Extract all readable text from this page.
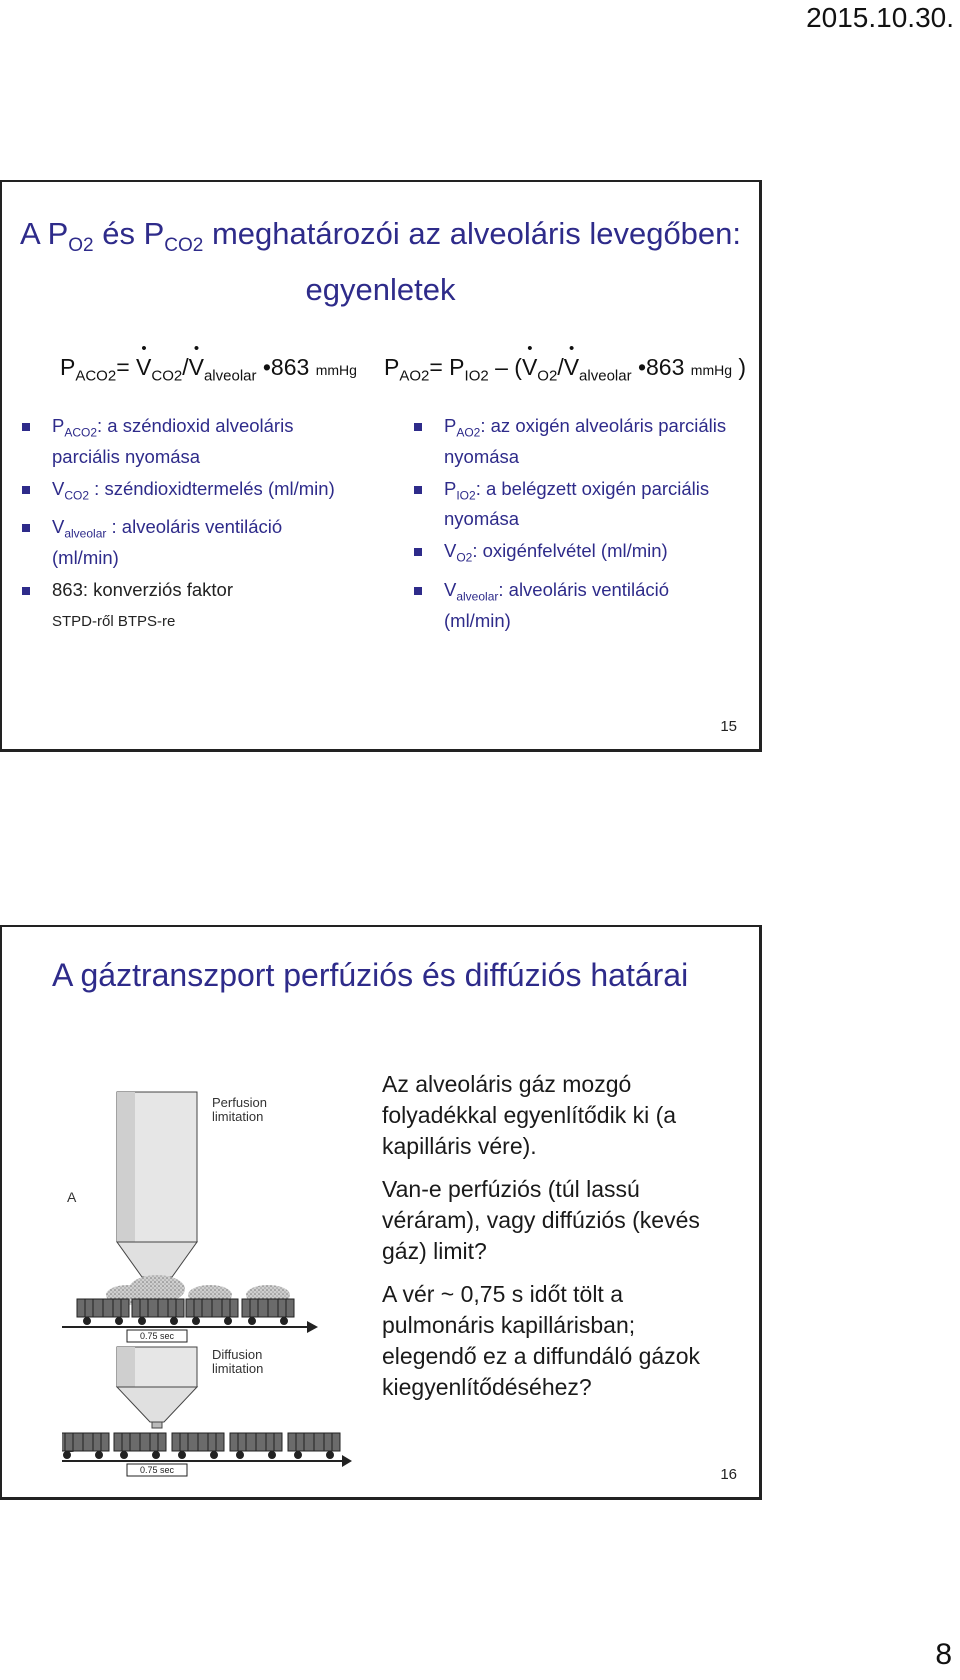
2015.10.30.
A $P_{O2}$ és $P_{CO2}$ meghatározói az alveoláris levegőben:
egyenletek
$P_{ACO2}=$ • $V_{CO2}/•$ $V_{alveolar}$ •863 mmHg $P_{AO2}= P_{IO2}$ – (• $V_{O2}/•$ $V_{alveolar}$ •863 mmHg )
$P_{ACO2}$: a széndioxid alveoláris parciális nyomása
$V_{CO2}$ : széndioxidtermelés (ml/min)
$V_{alveolar}$ : alveoláris ventiláció (ml/min)
863: konverziós faktor
STPD-ről BTPS-re
$P_{AO2}$: az oxigén alveoláris parciális nyomása
$P_{IO2}$: a belégzett oxigén parciális nyomása
$V_{O2}$: oxigénfelvétel (ml/min)
$V_{alveolar}$: alveoláris ventiláció (ml/min)
15
A gáztranszport perfúziós és diffúziós határai
Perfusion
limitation
A
0.75 sec
Diffusion
limitation
0.75 sec

Az alveoláris gáz mozgó folyadékkal egyenlítődik ki (a kapilláris vére).

Van-e perfúziós (túl lassú véráram), vagy diffúziós (kevés gáz) limit?

A vér ~ 0,75 s időt tölt a pulmonáris kapillárisban; elegendő ez a diffundáló gázok kiegyenlítődéséhez?

16
8
